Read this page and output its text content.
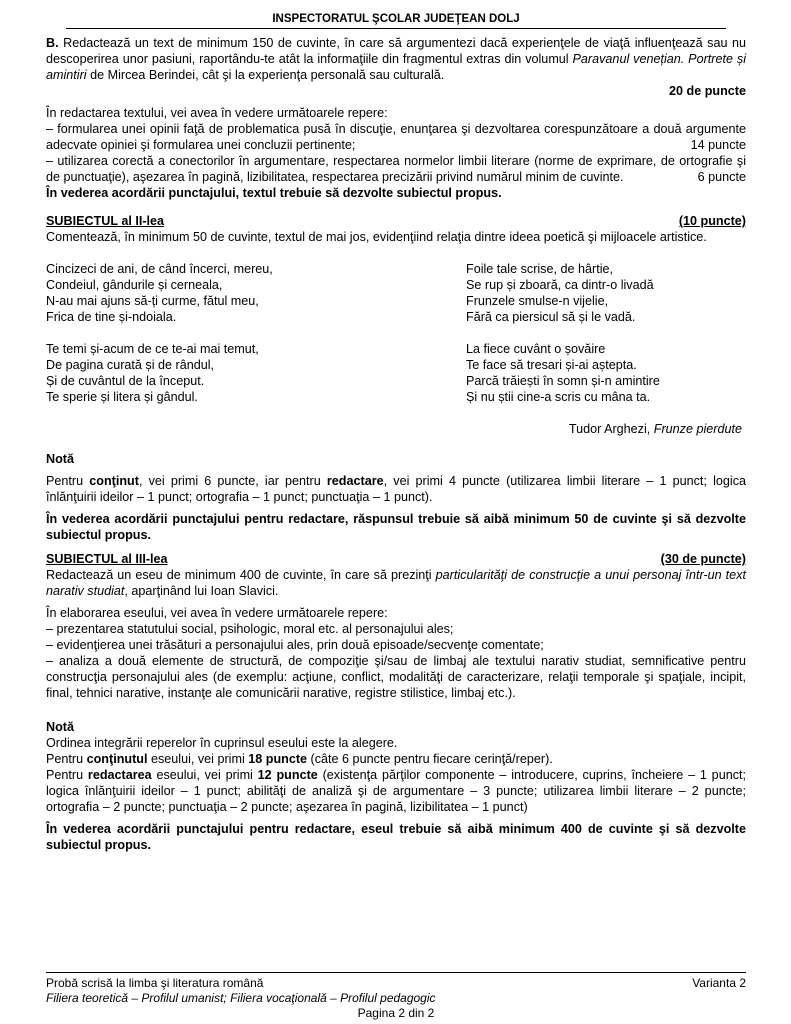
INSPECTORATUL ŞCOLAR JUDEŢEAN DOLJ

B. Redactează un text de minimum 150 de cuvinte, în care să argumentezi dacă experienţele de viaţă influenţează sau nu descoperirea unor pasiuni, raportându-te atât la informaţiile din fragmentul extras din volumul Paravanul venețian. Portrete și amintiri de Mircea Berindei, cât şi la experienţa personală sau culturală.

20 de puncte

În redactarea textului, vei avea în vedere următoarele repere:

– formularea unei opinii faţă de problematica pusă în discuţie, enunţarea şi dezvoltarea corespunzătoare a două argumente adecvate opiniei şi formularea unei concluzii pertinente;	14 puncte

– utilizarea corectă a conectorilor în argumentare, respectarea normelor limbii literare (norme de exprimare, de ortografie şi de punctuaţie), aşezarea în pagină, lizibilitatea, respectarea precizării privind numărul minim de cuvinte.	6 puncte

În vederea acordării punctajului, textul trebuie să dezvolte subiectul propus.

SUBIECTUL al II-lea	(10 puncte)

Comentează, în minimum 50 de cuvinte, textul de mai jos, evidenţiind relaţia dintre ideea poetică şi mijloacele artistice.

Cincizeci de ani, de când încerci, mereu,
Condeiul, gândurile și cerneala,
N-au mai ajuns să-ți curme, fătul meu,
Frica de tine și-ndoiala.
Te temi și-acum de ce te-ai mai temut,
De pagina curată și de rândul,
Și de cuvântul de la început.
Te sperie și litera și gândul.
Foile tale scrise, de hârtie,
Se rup și zboară, ca dintr-o livadă
Frunzele smulse-n vijelie,
Fără ca piersicul să și le vadă.
La fiece cuvânt o șovăire
Te face să tresari și-ai aștepta.
Parcă trăiești în somn și-n amintire
Și nu știi cine-a scris cu mâna ta.

Tudor Arghezi, Frunze pierdute

Notă

Pentru conţinut, vei primi 6 puncte, iar pentru redactare, vei primi 4 puncte (utilizarea limbii literare – 1 punct; logica înlănţuirii ideilor – 1 punct; ortografia – 1 punct; punctuaţia – 1 punct).

În vederea acordării punctajului pentru redactare, răspunsul trebuie să aibă minimum 50 de cuvinte şi să dezvolte subiectul propus.

SUBIECTUL al III-lea	(30 de puncte)

Redactează un eseu de minimum 400 de cuvinte, în care să prezinţi particularităţi de construcţie a unui personaj într-un text narativ studiat, aparţinând lui Ioan Slavici.

În elaborarea eseului, vei avea în vedere următoarele repere:

– prezentarea statutului social, psihologic, moral etc. al personajului ales;

– evidenţierea unei trăsături a personajului ales, prin două episoade/secvenţe comentate;

– analiza a două elemente de structură, de compoziţie şi/sau de limbaj ale textului narativ studiat, semnificative pentru construcţia personajului ales (de exemplu: acţiune, conflict, modalităţi de caracterizare, relaţii temporale şi spaţiale, incipit, final, tehnici narative, instanţe ale comunicării narative, registre stilistice, limbaj etc.).

Notă

Ordinea integrării reperelor în cuprinsul eseului este la alegere.

Pentru conţinutul eseului, vei primi 18 puncte (câte 6 puncte pentru fiecare cerinţă/reper).

Pentru redactarea eseului, vei primi 12 puncte (existenţa părţilor componente – introducere, cuprins, încheiere – 1 punct; logica înlănţuirii ideilor – 1 punct; abilităţi de analiză şi de argumentare – 3 puncte; utilizarea limbii literare – 2 puncte; ortografia – 2 puncte; punctuaţia – 2 puncte; aşezarea în pagină, lizibilitatea – 1 punct)

În vederea acordării punctajului pentru redactare, eseul trebuie să aibă minimum 400 de cuvinte şi să dezvolte subiectul propus.

Probă scrisă la limba şi literatura română	Varianta 2
Filiera teoretică – Profilul umanist; Filiera vocaţională – Profilul pedagogic
Pagina 2 din 2
